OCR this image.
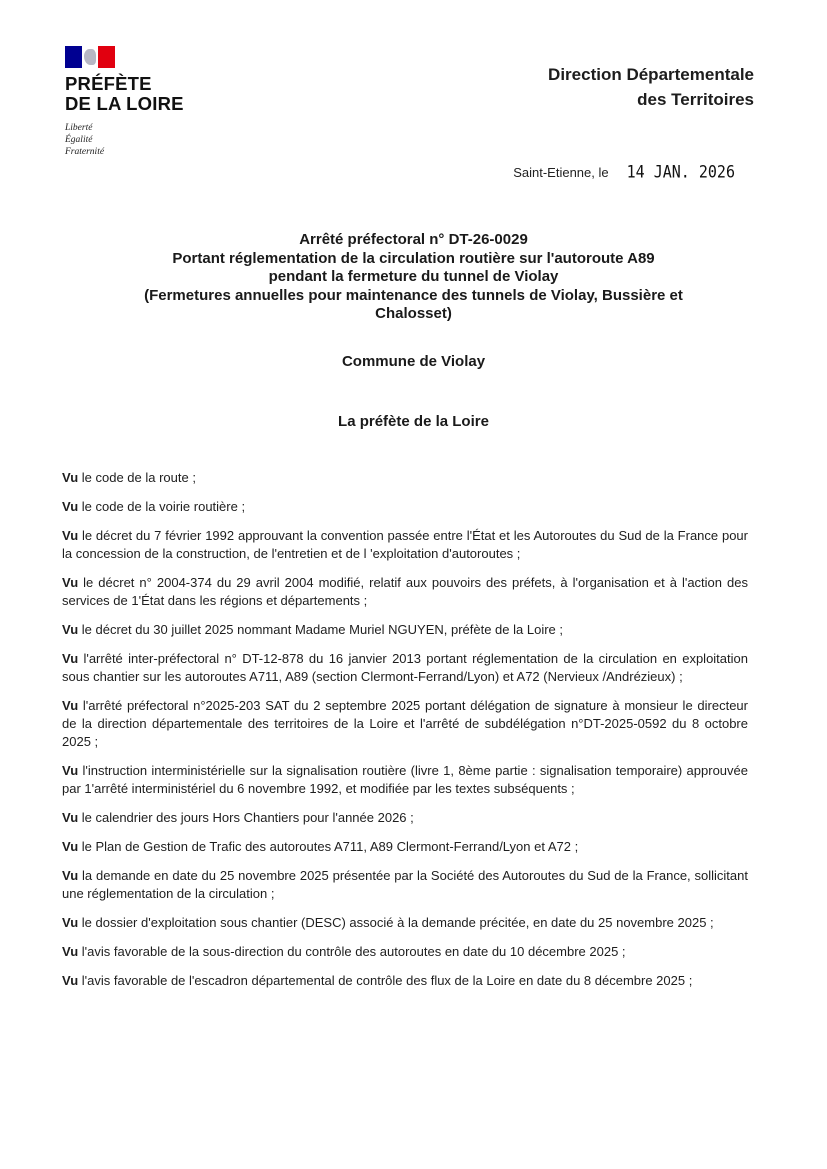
PRÉFÈTE
DE LA LOIRE
Liberté
Égalité
Fraternité
Direction Départementale
des Territoires
Saint-Etienne, le 14 JAN. 2026
Arrêté préfectoral n° DT-26-0029
Portant réglementation de la circulation routière sur l'autoroute A89
pendant la fermeture du tunnel de Violay
(Fermetures annuelles pour maintenance des tunnels de Violay, Bussière et
Chalosset)
Commune de Violay
La préfète de la Loire

Vu le code de la route ;

Vu le code de la voirie routière ;

Vu le décret du 7 février 1992 approuvant la convention passée entre l'État et les Autoroutes du Sud de la France pour la concession de la construction, de l'entretien et de l 'exploitation d'autoroutes ;

Vu le décret n° 2004-374 du 29 avril 2004 modifié, relatif aux pouvoirs des préfets, à l'organisation et à l'action des services de 1'État dans les régions et départements ;

Vu le décret du 30 juillet 2025 nommant Madame Muriel NGUYEN, préfète de la Loire ;

Vu l'arrêté inter-préfectoral n° DT-12-878 du 16 janvier 2013 portant réglementation de la circulation en exploitation sous chantier sur les autoroutes A711, A89 (section Clermont-Ferrand/Lyon) et A72 (Nervieux /Andrézieux) ;

Vu l'arrêté préfectoral n°2025-203 SAT du 2 septembre 2025 portant délégation de signature à monsieur le directeur de la direction départementale des territoires de la Loire et l'arrêté de subdélégation n°DT-2025-0592 du 8 octobre 2025 ;

Vu l'instruction interministérielle sur la signalisation routière (livre 1, 8ème partie : signalisation temporaire) approuvée par 1'arrêté interministériel du 6 novembre 1992, et modifiée par les textes subséquents ;

Vu le calendrier des jours Hors Chantiers pour l'année 2026 ;

Vu le Plan de Gestion de Trafic des autoroutes A711, A89 Clermont-Ferrand/Lyon et A72 ;

Vu la demande en date du 25 novembre 2025 présentée par la Société des Autoroutes du Sud de la France, sollicitant une réglementation de la circulation ;

Vu le dossier d'exploitation sous chantier (DESC) associé à la demande précitée, en date du 25 novembre 2025 ;

Vu l'avis favorable de la sous-direction du contrôle des autoroutes en date du 10 décembre 2025 ;

Vu l'avis favorable de l'escadron départemental de contrôle des flux de la Loire en date du 8 décembre 2025 ;
